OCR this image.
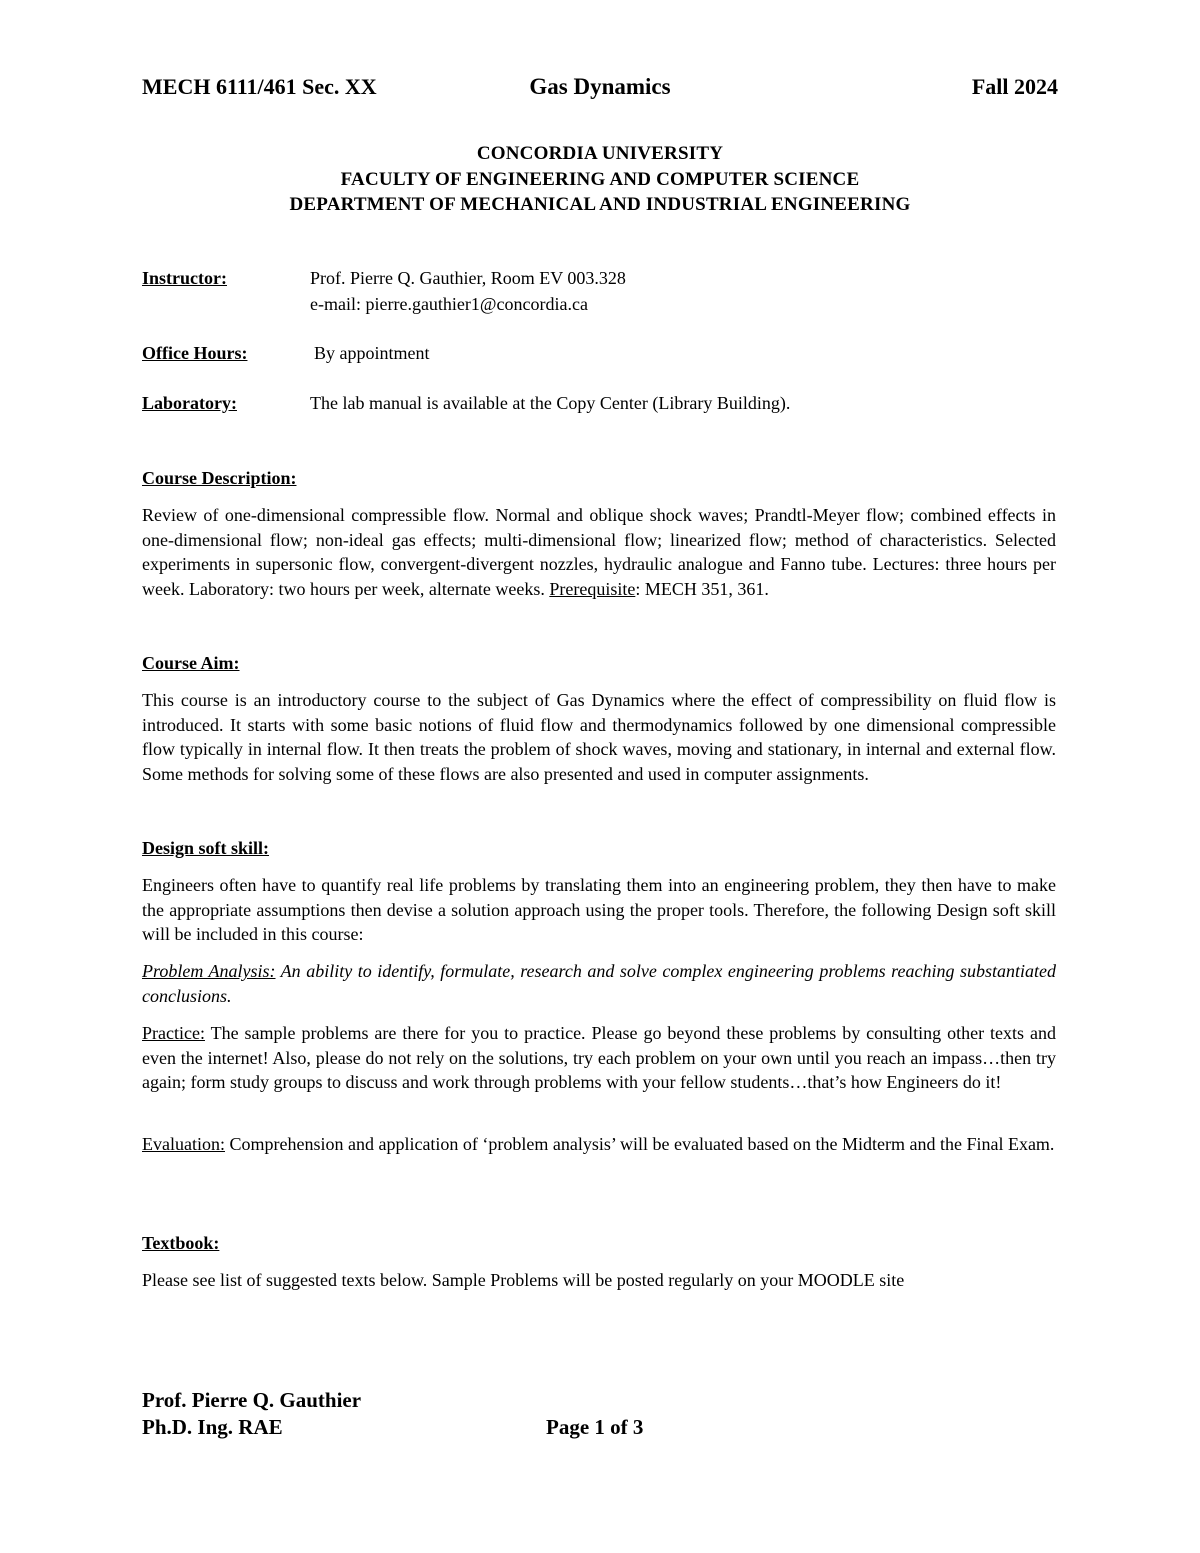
MECH 6111/461 Sec. XX	Gas Dynamics	Fall 2024
CONCORDIA UNIVERSITY
FACULTY OF ENGINEERING AND COMPUTER SCIENCE
DEPARTMENT OF MECHANICAL AND INDUSTRIAL ENGINEERING
Instructor:	Prof. Pierre Q. Gauthier, Room EV 003.328
e-mail: pierre.gauthier1@concordia.ca
Office Hours:	By appointment
Laboratory:	The lab manual is available at the Copy Center (Library Building).
Course Description:

Review of one-dimensional compressible flow. Normal and oblique shock waves; Prandtl-Meyer flow; combined effects in one-dimensional flow; non-ideal gas effects; multi-dimensional flow; linearized flow; method of characteristics. Selected experiments in supersonic flow, convergent-divergent nozzles, hydraulic analogue and Fanno tube. Lectures: three hours per week. Laboratory: two hours per week, alternate weeks. Prerequisite: MECH 351, 361.

Course Aim:

This course is an introductory course to the subject of Gas Dynamics where the effect of compressibility on fluid flow is introduced. It starts with some basic notions of fluid flow and thermodynamics followed by one dimensional compressible flow typically in internal flow. It then treats the problem of shock waves, moving and stationary, in internal and external flow. Some methods for solving some of these flows are also presented and used in computer assignments.

Design soft skill:

Engineers often have to quantify real life problems by translating them into an engineering problem, they then have to make the appropriate assumptions then devise a solution approach using the proper tools. Therefore, the following Design soft skill will be included in this course:

Problem Analysis: An ability to identify, formulate, research and solve complex engineering problems reaching substantiated conclusions.

Practice: The sample problems are there for you to practice. Please go beyond these problems by consulting other texts and even the internet! Also, please do not rely on the solutions, try each problem on your own until you reach an impass…then try again; form study groups to discuss and work through problems with your fellow students…that’s how Engineers do it!

Evaluation: Comprehension and application of ‘problem analysis’ will be evaluated based on the Midterm and the Final Exam.

Textbook:

Please see list of suggested texts below. Sample Problems will be posted regularly on your MOODLE site

Prof. Pierre Q. Gauthier
Ph.D. Ing. RAE	Page 1 of 3
